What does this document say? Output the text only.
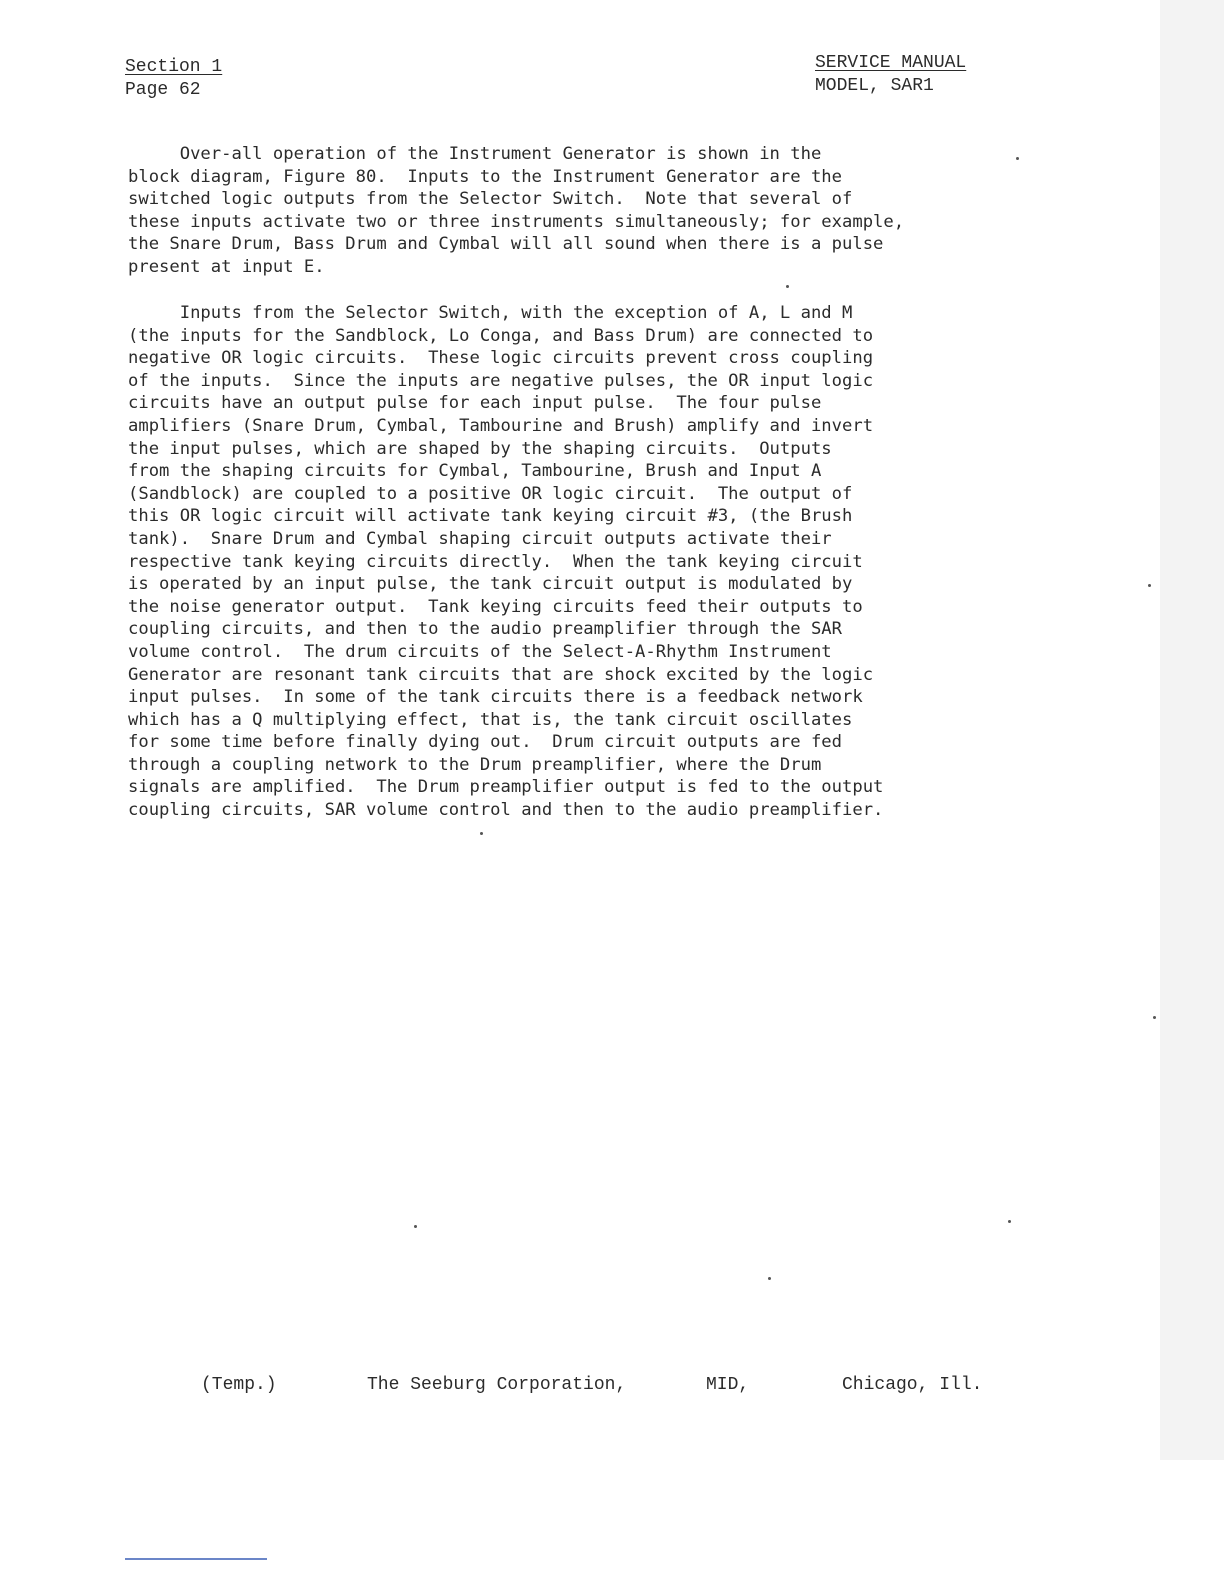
Section 1
Page 62
SERVICE MANUAL
MODEL, SAR1
Over-all operation of the Instrument Generator is shown in the
block diagram, Figure 80.  Inputs to the Instrument Generator are the
switched logic outputs from the Selector Switch.  Note that several of
these inputs activate two or three instruments simultaneously; for example,
the Snare Drum, Bass Drum and Cymbal will all sound when there is a pulse
present at input E.

Inputs from the Selector Switch, with the exception of A, L and M
(the inputs for the Sandblock, Lo Conga, and Bass Drum) are connected to
negative OR logic circuits.  These logic circuits prevent cross coupling
of the inputs.  Since the inputs are negative pulses, the OR input logic
circuits have an output pulse for each input pulse.  The four pulse
amplifiers (Snare Drum, Cymbal, Tambourine and Brush) amplify and invert
the input pulses, which are shaped by the shaping circuits.  Outputs
from the shaping circuits for Cymbal, Tambourine, Brush and Input A
(Sandblock) are coupled to a positive OR logic circuit.  The output of
this OR logic circuit will activate tank keying circuit #3, (the Brush
tank).  Snare Drum and Cymbal shaping circuit outputs activate their
respective tank keying circuits directly.  When the tank keying circuit
is operated by an input pulse, the tank circuit output is modulated by
the noise generator output.  Tank keying circuits feed their outputs to
coupling circuits, and then to the audio preamplifier through the SAR
volume control.  The drum circuits of the Select-A-Rhythm Instrument
Generator are resonant tank circuits that are shock excited by the logic
input pulses.  In some of the tank circuits there is a feedback network
which has a Q multiplying effect, that is, the tank circuit oscillates
for some time before finally dying out.  Drum circuit outputs are fed
through a coupling network to the Drum preamplifier, where the Drum
signals are amplified.  The Drum preamplifier output is fed to the output
coupling circuits, SAR volume control and then to the audio preamplifier.

(Temp.)	The Seeburg Corporation,	MID,	Chicago, Ill.
